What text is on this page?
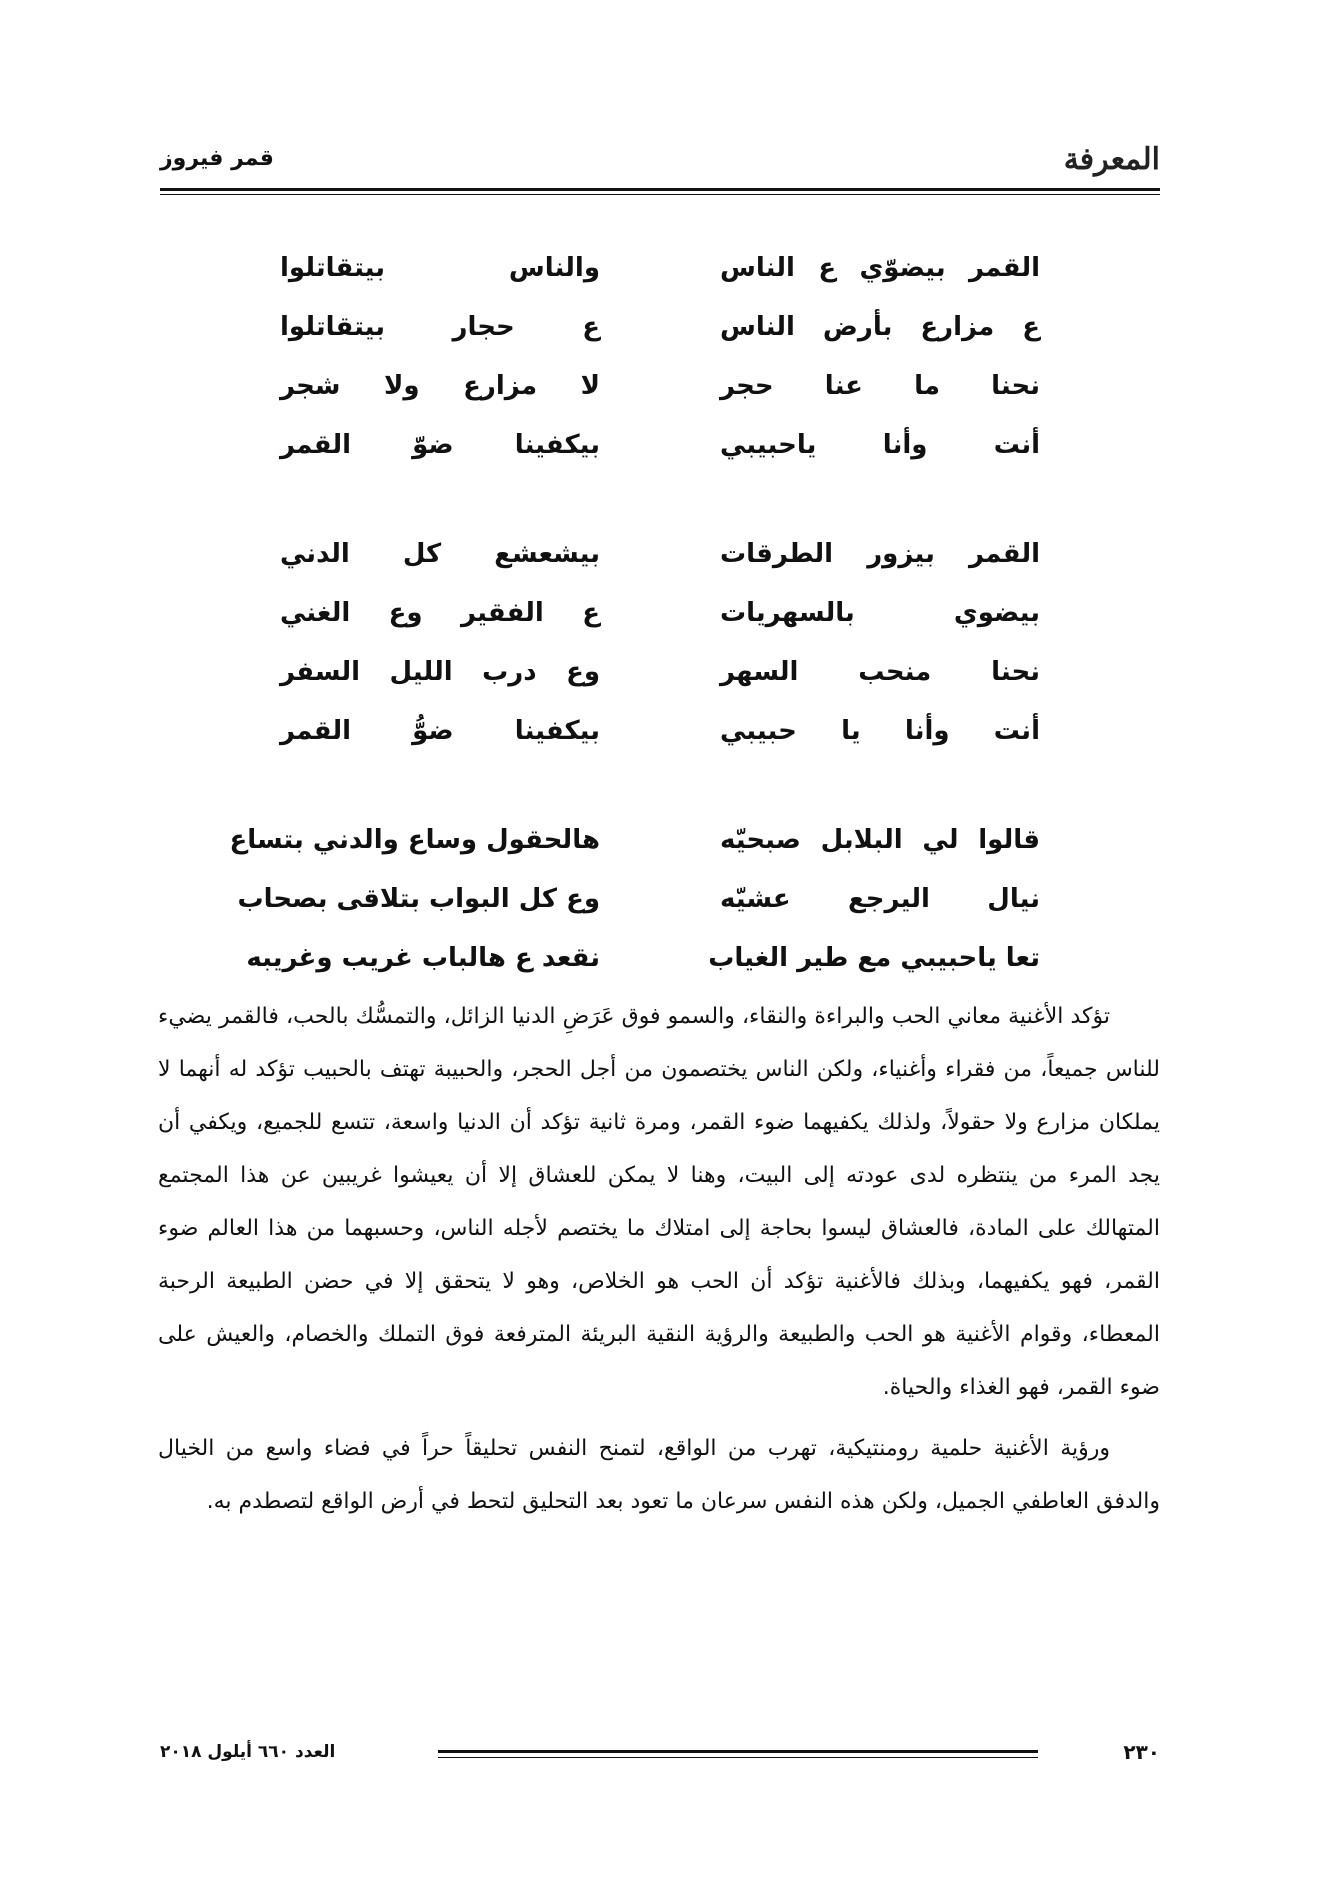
المعرفة
قمر فيروز
القمر بيضوّي ع الناس
والناس بيتقاتلوا
ع مزارع بأرض الناس
ع حجار بيتقاتلوا
نحنا ما عنا حجر
لا مزارع ولا شجر
أنت وأنا ياحبيبي
بيكفينا ضوّ القمر
القمر بيزور الطرقات
بيشعشع كل الدني
بيضوي بالسهريات
ع الفقير وع الغني
نحنا منحب السهر
وع درب الليل السفر
أنت وأنا يا حبيبي
بيكفينا ضوُّ القمر
قالوا لي البلابل صبحيّه
هالحقول وساع والدني بتساع
نيال اليرجع عشيّه
وع كل البواب بتلاقى بصحاب
تعا ياحبيبي مع طير الغياب
نقعد ع هالباب غريب وغريبه

تؤكد الأغنية معاني الحب والبراءة والنقاء، والسمو فوق عَرَضِ الدنيا الزائل، والتمسُّك بالحب، فالقمر يضيء للناس جميعاً، من فقراء وأغنياء، ولكن الناس يختصمون من أجل الحجر، والحبيبة تهتف بالحبيب تؤكد له أنهما لا يملكان مزارع ولا حقولاً، ولذلك يكفيهما ضوء القمر، ومرة ثانية تؤكد أن الدنيا واسعة، تتسع للجميع، ويكفي أن يجد المرء من ينتظره لدى عودته إلى البيت، وهنا لا يمكن للعشاق إلا أن يعيشوا غريبين عن هذا المجتمع المتهالك على المادة، فالعشاق ليسوا بحاجة إلى امتلاك ما يختصم لأجله الناس، وحسبهما من هذا العالم ضوء القمر، فهو يكفيهما، وبذلك فالأغنية تؤكد أن الحب هو الخلاص، وهو لا يتحقق إلا في حضن الطبيعة الرحبة المعطاء، وقوام الأغنية هو الحب والطبيعة والرؤية النقية البريئة المترفعة فوق التملك والخصام، والعيش على ضوء القمر، فهو الغذاء والحياة.

ورؤية الأغنية حلمية رومنتيكية، تهرب من الواقع، لتمنح النفس تحليقاً حراً في فضاء واسع من الخيال والدفق العاطفي الجميل، ولكن هذه النفس سرعان ما تعود بعد التحليق لتحط في أرض الواقع لتصطدم به.

٢٣٠
العدد ٦٦٠ أيلول ٢٠١٨
